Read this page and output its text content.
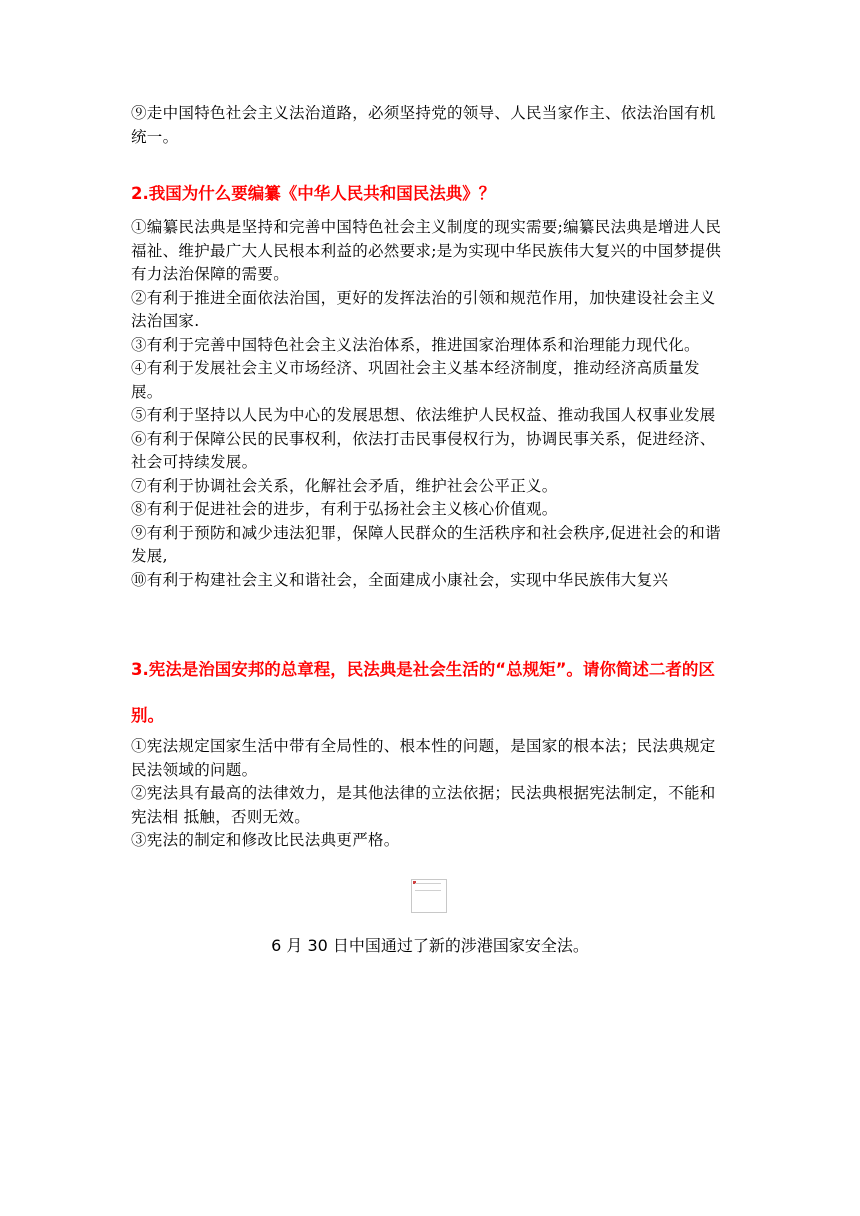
⑨走中国特色社会主义法治道路，必须坚持党的领导、人民当家作主、依法治国有机统一。

2.我国为什么要编纂《中华人民共和国民法典》？

①编纂民法典是坚持和完善中国特色社会主义制度的现实需要;编纂民法典是增进人民福祉、维护最广大人民根本利益的必然要求;是为实现中华民族伟大复兴的中国梦提供有力法治保障的需要。

②有利于推进全面依法治国，更好的发挥法治的引领和规范作用，加快建设社会主义法治国家.

③有利于完善中国特色社会主义法治体系，推进国家治理体系和治理能力现代化。

④有利于发展社会主义市场经济、巩固社会主义基本经济制度，推动经济高质量发展。

⑤有利于坚持以人民为中心的发展思想、依法维护人民权益、推动我国人权事业发展

⑥有利于保障公民的民事权利，依法打击民事侵权行为，协调民事关系，促进经济、社会可持续发展。

⑦有利于协调社会关系，化解社会矛盾，维护社会公平正义。

⑧有利于促进社会的进步，有利于弘扬社会主义核心价值观。

⑨有利于预防和减少违法犯罪，保障人民群众的生活秩序和社会秩序,促进社会的和谐发展,

⑩有利于构建社会主义和谐社会，全面建成小康社会，实现中华民族伟大复兴

3.宪法是治国安邦的总章程，民法典是社会生活的“总规矩”。请你简述二者的区别。

①宪法规定国家生活中带有全局性的、根本性的问题，是国家的根本法；民法典规定民法领域的问题。

②宪法具有最高的法律效力，是其他法律的立法依据；民法典根据宪法制定，不能和宪法相 抵触，否则无效。

③宪法的制定和修改比民法典更严格。

6 月 30 日中国通过了新的涉港国家安全法。
